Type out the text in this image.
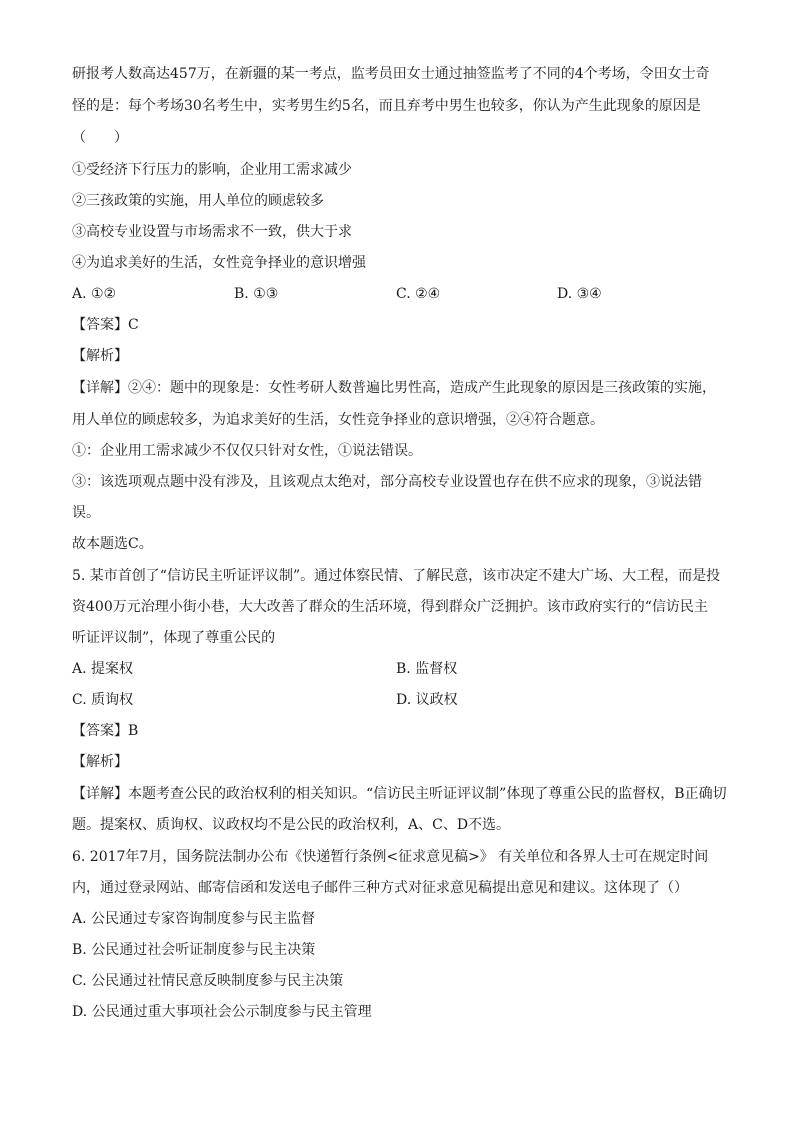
研报考人数高达457万，在新疆的某一考点，监考员田女士通过抽签监考了不同的4个考场，令田女士奇
怪的是：每个考场30名考生中，实考男生约5名，而且弃考中男生也较多，你认为产生此现象的原因是
（　　）
①受经济下行压力的影响，企业用工需求减少
②三孩政策的实施，用人单位的顾虑较多
③高校专业设置与市场需求不一致，供大于求
④为追求美好的生活，女性竞争择业的意识增强
A. ①②	B. ①③	C. ②④	D. ③④
【答案】C
【解析】
【详解】②④：题中的现象是：女性考研人数普遍比男性高，造成产生此现象的原因是三孩政策的实施，
用人单位的顾虑较多，为追求美好的生活，女性竞争择业的意识增强，②④符合题意。
①：企业用工需求减少不仅仅只针对女性，①说法错误。
③：该选项观点题中没有涉及，且该观点太绝对，部分高校专业设置也存在供不应求的现象，③说法错
误。
故本题选C。
5. 某市首创了“信访民主听证评议制”。通过体察民情、了解民意，该市决定不建大广场、大工程，而是投
资400万元治理小街小巷，大大改善了群众的生活环境，得到群众广泛拥护。该市政府实行的“信访民主
听证评议制”，体现了尊重公民的
A. 提案权	B. 监督权
C. 质询权	D. 议政权
【答案】B
【解析】
【详解】本题考查公民的政治权利的相关知识。“信访民主听证评议制”体现了尊重公民的监督权，B正确切
题。提案权、质询权、议政权均不是公民的政治权利，A、C、D不选。
6. 2017年7月，国务院法制办公布《快递暂行条例<征求意见稿>》 有关单位和各界人士可在规定时间
内，通过登录网站、邮寄信函和发送电子邮件三种方式对征求意见稿提出意见和建议。这体现了（）
A. 公民通过专家咨询制度参与民主监督
B. 公民通过社会听证制度参与民主决策
C. 公民通过社情民意反映制度参与民主决策
D. 公民通过重大事项社会公示制度参与民主管理
